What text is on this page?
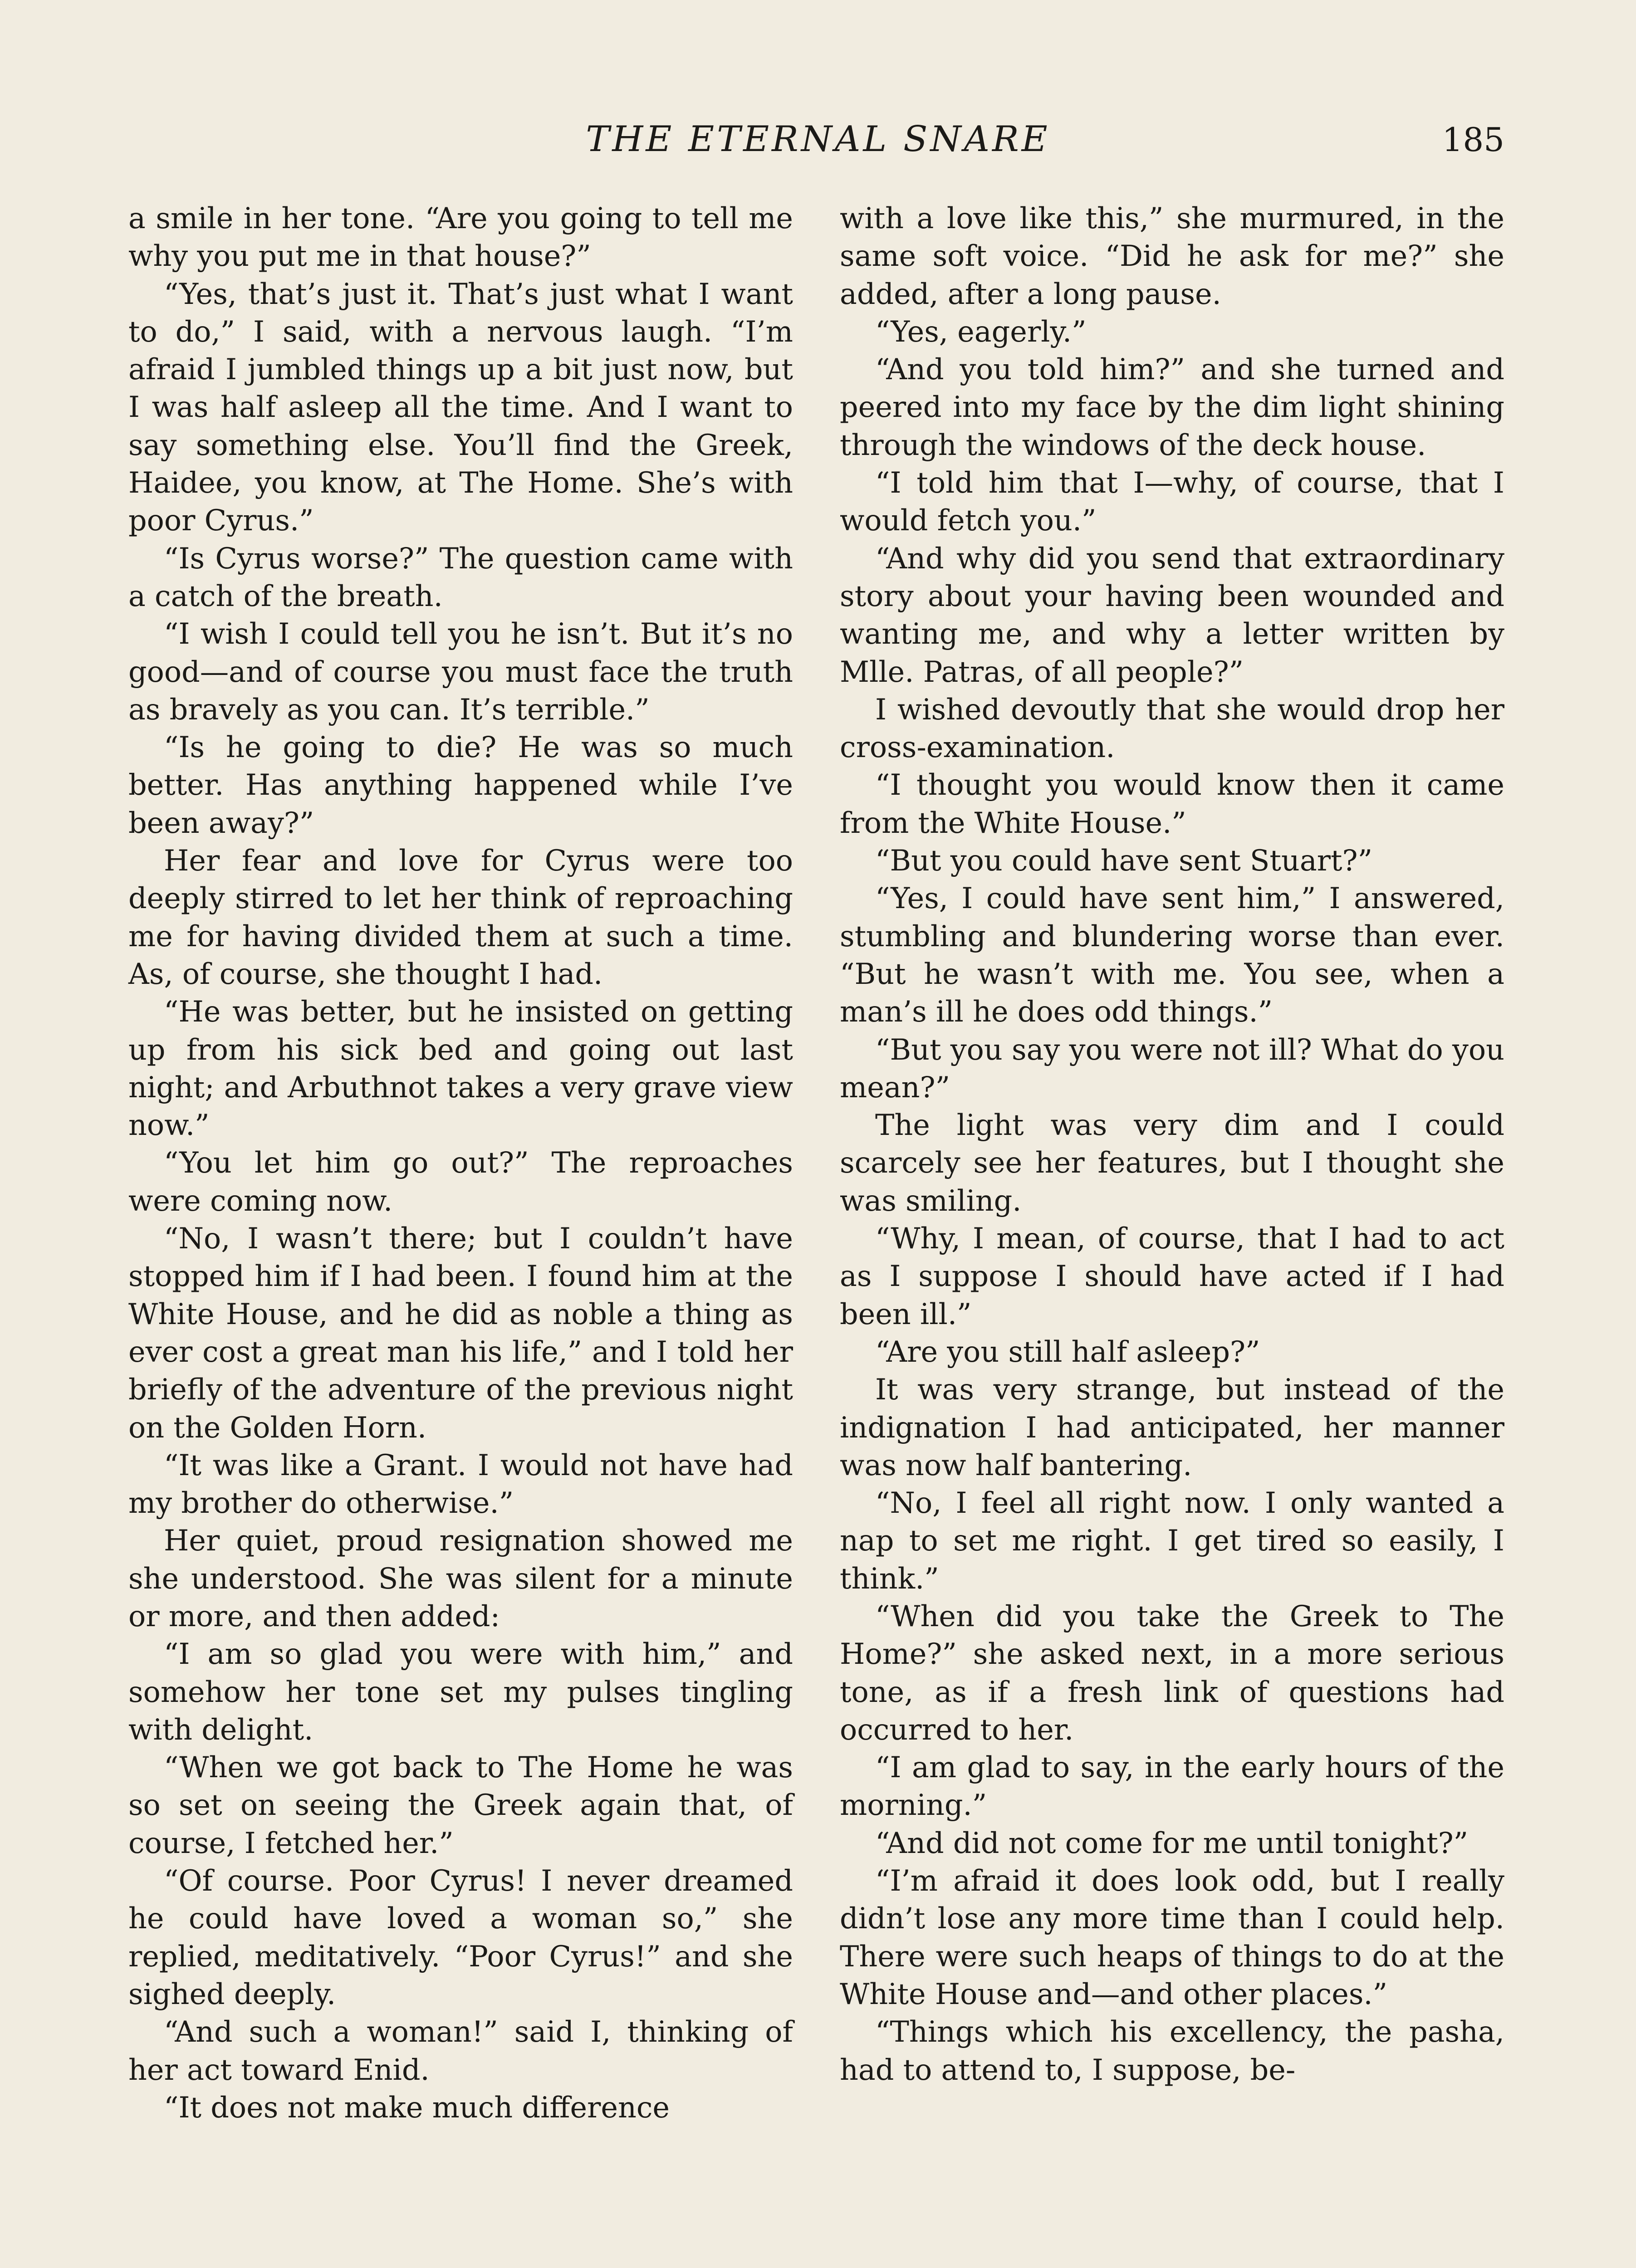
THE ETERNAL SNARE	185

a smile in her tone. “Are you going to tell me why you put me in that house?”

“Yes, that’s just it. That’s just what I want to do,” I said, with a nervous laugh. “I’m afraid I jumbled things up a bit just now, but I was half asleep all the time. And I want to say something else. You’ll find the Greek, Haidee, you know, at The Home. She’s with poor Cyrus.”

“Is Cyrus worse?” The question came with a catch of the breath.

“I wish I could tell you he isn’t. But it’s no good—and of course you must face the truth as bravely as you can. It’s terrible.”

“Is he going to die? He was so much better. Has anything happened while I’ve been away?”

Her fear and love for Cyrus were too deeply stirred to let her think of reproaching me for having divided them at such a time. As, of course, she thought I had.

“He was better, but he insisted on getting up from his sick bed and going out last night; and Arbuthnot takes a very grave view now.”

“You let him go out?” The reproaches were coming now.

“No, I wasn’t there; but I couldn’t have stopped him if I had been. I found him at the White House, and he did as noble a thing as ever cost a great man his life,” and I told her briefly of the adventure of the previous night on the Golden Horn.

“It was like a Grant. I would not have had my brother do otherwise.”

Her quiet, proud resignation showed me she understood. She was silent for a minute or more, and then added:

“I am so glad you were with him,” and somehow her tone set my pulses tingling with delight.

“When we got back to The Home he was so set on seeing the Greek again that, of course, I fetched her.”

“Of course. Poor Cyrus! I never dreamed he could have loved a woman so,” she replied, meditatively. “Poor Cyrus!” and she sighed deeply.

“And such a woman!” said I, thinking of her act toward Enid.

“It does not make much difference

with a love like this,” she murmured, in the same soft voice. “Did he ask for me?” she added, after a long pause.

“Yes, eagerly.”

“And you told him?” and she turned and peered into my face by the dim light shining through the windows of the deck house.

“I told him that I—why, of course, that I would fetch you.”

“And why did you send that extraordinary story about your having been wounded and wanting me, and why a letter written by Mlle. Patras, of all people?”

I wished devoutly that she would drop her cross-examination.

“I thought you would know then it came from the White House.”

“But you could have sent Stuart?”

“Yes, I could have sent him,” I answered, stumbling and blundering worse than ever. “But he wasn’t with me. You see, when a man’s ill he does odd things.”

“But you say you were not ill? What do you mean?”

The light was very dim and I could scarcely see her features, but I thought she was smiling.

“Why, I mean, of course, that I had to act as I suppose I should have acted if I had been ill.”

“Are you still half asleep?”

It was very strange, but instead of the indignation I had anticipated, her manner was now half bantering.

“No, I feel all right now. I only wanted a nap to set me right. I get tired so easily, I think.”

“When did you take the Greek to The Home?” she asked next, in a more serious tone, as if a fresh link of questions had occurred to her.

“I am glad to say, in the early hours of the morning.”

“And did not come for me until tonight?”

“I’m afraid it does look odd, but I really didn’t lose any more time than I could help. There were such heaps of things to do at the White House and—and other places.”

“Things which his excellency, the pasha, had to attend to, I suppose, be-
